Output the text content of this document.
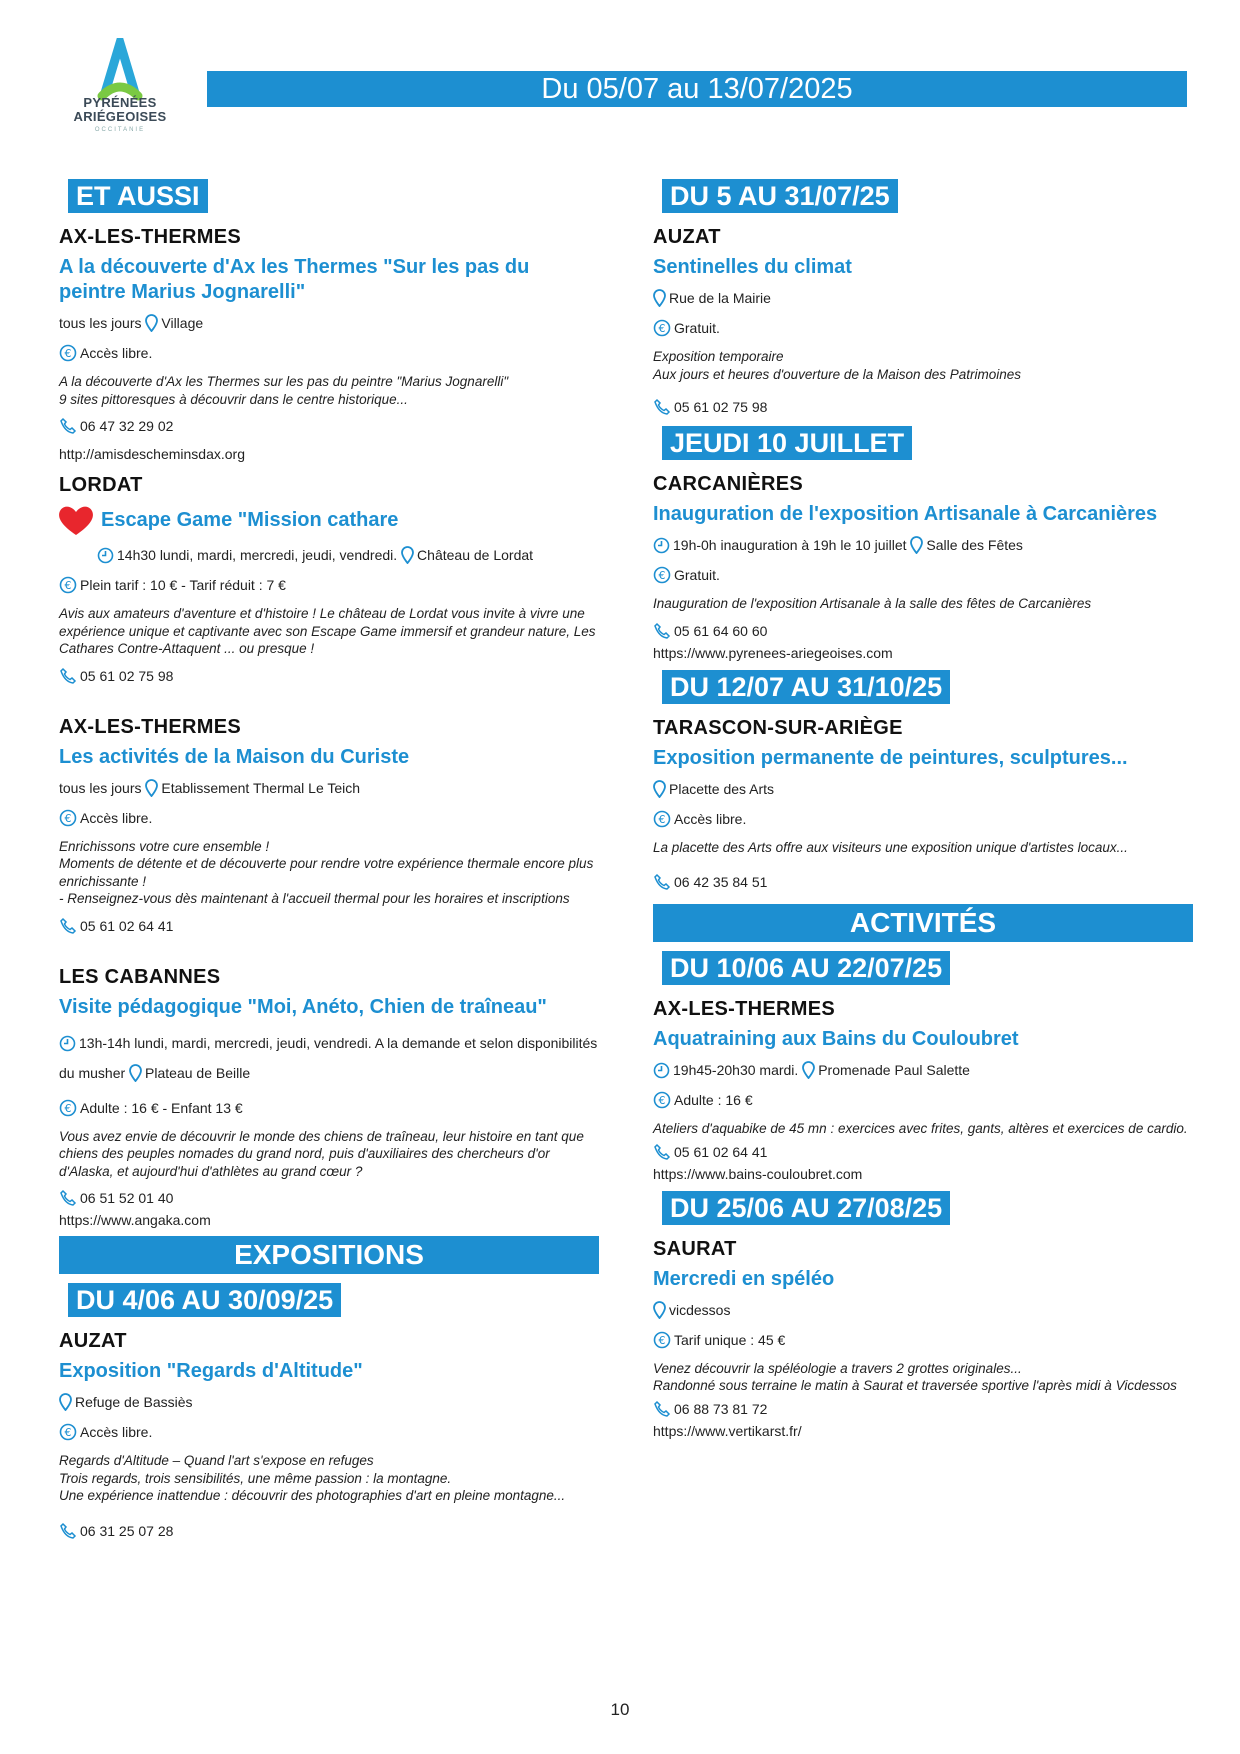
PYRÉNÉES
ARIÉGEOISES
OCCITANIE
Du 05/07 au 13/07/2025
ET AUSSI
AX-LES-THERMES
A la découverte d'Ax les Thermes "Sur les pas du peintre Marius Jognarelli"
tous les jours Village
€ Accès libre.
A la découverte d'Ax les Thermes sur les pas du peintre "Marius Jognarelli"
9 sites pittoresques à découvrir dans le centre historique...
06 47 32 29 02
http://amisdescheminsdax.org
LORDAT
Escape Game "Mission cathare
14h30 lundi, mardi, mercredi, jeudi, vendredi. Château de Lordat
€ Plein tarif : 10 € - Tarif réduit : 7 €
Avis aux amateurs d'aventure et d'histoire ! Le château de Lordat vous invite à vivre une expérience unique et captivante avec son Escape Game immersif et grandeur nature, Les Cathares Contre-Attaquent ... ou presque !
05 61 02 75 98
AX-LES-THERMES
Les activités de la Maison du Curiste
tous les jours Etablissement Thermal Le Teich
€ Accès libre.
Enrichissons votre cure ensemble !
Moments de détente et de découverte pour rendre votre expérience thermale encore plus enrichissante !
- Renseignez-vous dès maintenant à l'accueil thermal pour les horaires et inscriptions
05 61 02 64 41
LES CABANNES
Visite pédagogique "Moi, Anéto, Chien de traîneau"
13h-14h lundi, mardi, mercredi, jeudi, vendredi. A la demande et selon disponibilités du musher Plateau de Beille
€ Adulte : 16 € - Enfant 13 €
Vous avez envie de découvrir le monde des chiens de traîneau, leur histoire en tant que chiens des peuples nomades du grand nord, puis d'auxiliaires des chercheurs d'or d'Alaska, et aujourd'hui d'athlètes au grand cœur ?
06 51 52 01 40
https://www.angaka.com
EXPOSITIONS
DU 4/06 AU 30/09/25
AUZAT
Exposition "Regards d'Altitude"
Refuge de Bassiès
€ Accès libre.
Regards d'Altitude – Quand l'art s'expose en refuges
Trois regards, trois sensibilités, une même passion : la montagne.
Une expérience inattendue : découvrir des photographies d'art en pleine montagne...
06 31 25 07 28
DU 5 AU 31/07/25
AUZAT
Sentinelles du climat
Rue de la Mairie
€ Gratuit.
Exposition temporaire
Aux jours et heures d'ouverture de la Maison des Patrimoines
05 61 02 75 98
JEUDI 10 JUILLET
CARCANIÈRES
Inauguration de l'exposition Artisanale à Carcanières
19h-0h inauguration à 19h le 10 juillet Salle des Fêtes
€ Gratuit.
Inauguration de l'exposition Artisanale à la salle des fêtes de Carcanières
05 61 64 60 60
https://www.pyrenees-ariegeoises.com
DU 12/07 AU 31/10/25
TARASCON-SUR-ARIÈGE
Exposition permanente de peintures, sculptures...
Placette des Arts
€ Accès libre.
La placette des Arts offre aux visiteurs une exposition unique d'artistes locaux...
06 42 35 84 51
ACTIVITÉS
DU 10/06 AU 22/07/25
AX-LES-THERMES
Aquatraining aux Bains du Couloubret
19h45-20h30 mardi. Promenade Paul Salette
€ Adulte : 16 €
Ateliers d'aquabike de 45 mn : exercices avec frites, gants, altères et exercices de cardio.
05 61 02 64 41
https://www.bains-couloubret.com
DU 25/06 AU 27/08/25
SAURAT
Mercredi en spéléo
vicdessos
€ Tarif unique : 45 €
Venez découvrir la spéléologie a travers 2 grottes originales...
Randonné sous terraine le matin à Saurat et traversée sportive l'après midi à Vicdessos
06 88 73 81 72
https://www.vertikarst.fr/
10
